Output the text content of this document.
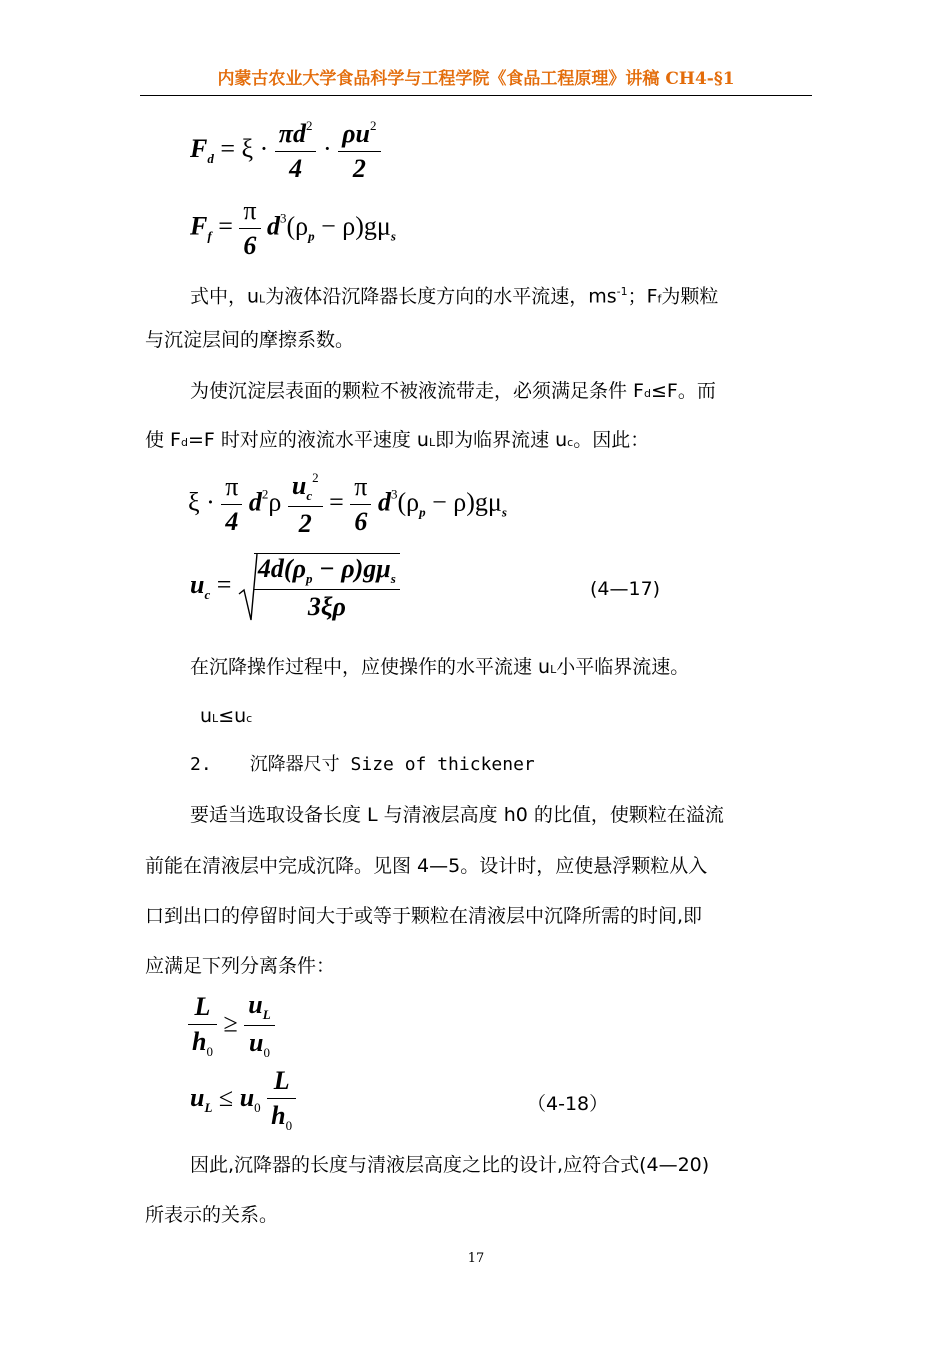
内蒙古农业大学食品科学与工程学院《食品工程原理》讲稿 CH4-§1
$F_d = \xi \cdot \frac{\pi d^2}{4} \cdot \frac{\rho u^2}{2}$
$F_f = \frac{\pi}{6} d^3(\rho_p - \rho)g\mu_s$
式中，uL为液体沿沉降器长度方向的水平流速，$ms^{-1}$；Ff为颗粒
与沉淀层间的摩擦系数。
为使沉淀层表面的颗粒不被液流带走，必须满足条件 Fd≤F。而
使 Fd=F 时对应的液流水平速度 uL即为临界流速 uc。因此：
$\xi \cdot \frac{\pi}{4} d^2\rho \frac{u_c^2}{2} = \frac{\pi}{6} d^3(\rho_p - \rho)g\mu_s$
$u_c = \frac{4d(\rho_p - \rho)g\mu_s}{3\xi\rho}$	(4—17)
在沉降操作过程中，应使操作的水平流速 uL小平临界流速。
uL≤uc
2. 沉降器尺寸 Size of thickener
要适当选取设备长度 L 与清液层高度 h0 的比值，使颗粒在溢流
前能在清液层中完成沉降。见图 4—5。设计时，应使悬浮颗粒从入
口到出口的停留时间大于或等于颗粒在清液层中沉降所需的时间,即
应满足下列分离条件：
$\frac{L}{h_0} \ge \frac{u_L}{u_0}$
$u_L \le u_0 \frac{L}{h_0}$	（4-18）
因此,沉降器的长度与清液层高度之比的设计,应符合式(4—20)
所表示的关系。
17
